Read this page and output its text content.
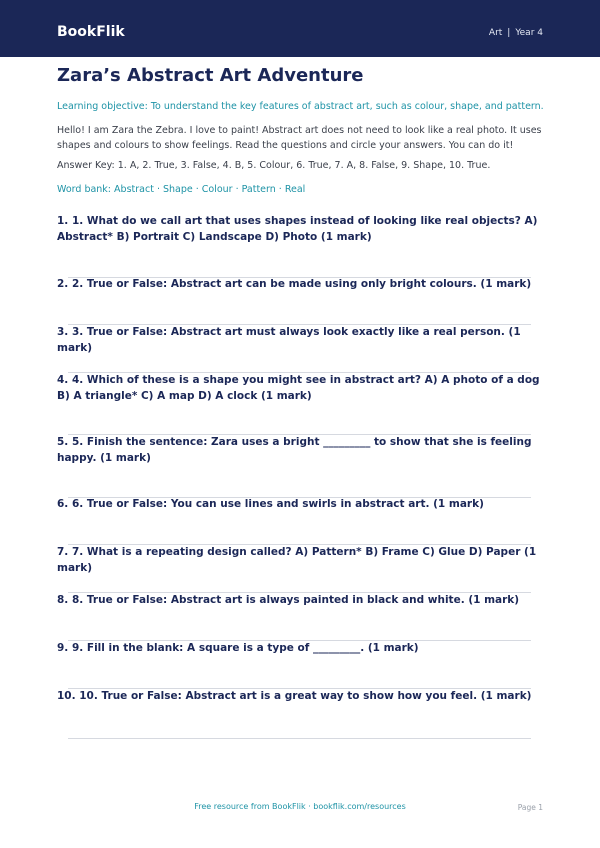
BookFlik	Art | Year 4
Zara’s Abstract Art Adventure
Learning objective: To understand the key features of abstract art, such as colour, shape, and pattern.
Hello! I am Zara the Zebra. I love to paint! Abstract art does not need to look like a real photo. It uses shapes and colours to show feelings. Read the questions and circle your answers. You can do it!
Answer Key: 1. A, 2. True, 3. False, 4. B, 5. Colour, 6. True, 7. A, 8. False, 9. Shape, 10. True.
Word bank: Abstract · Shape · Colour · Pattern · Real
1. 1. What do we call art that uses shapes instead of looking like real objects? A) Abstract* B) Portrait C) Landscape D) Photo (1 mark)
2. 2. True or False: Abstract art can be made using only bright colours. (1 mark)
3. 3. True or False: Abstract art must always look exactly like a real person. (1 mark)
4. 4. Which of these is a shape you might see in abstract art? A) A photo of a dog B) A triangle* C) A map D) A clock (1 mark)
5. 5. Finish the sentence: Zara uses a bright _________ to show that she is feeling happy. (1 mark)
6. 6. True or False: You can use lines and swirls in abstract art. (1 mark)
7. 7. What is a repeating design called? A) Pattern* B) Frame C) Glue D) Paper (1 mark)
8. 8. True or False: Abstract art is always painted in black and white. (1 mark)
9. 9. Fill in the blank: A square is a type of _________. (1 mark)
10. 10. True or False: Abstract art is a great way to show how you feel. (1 mark)
Free resource from BookFlik · bookflik.com/resources	Page 1
